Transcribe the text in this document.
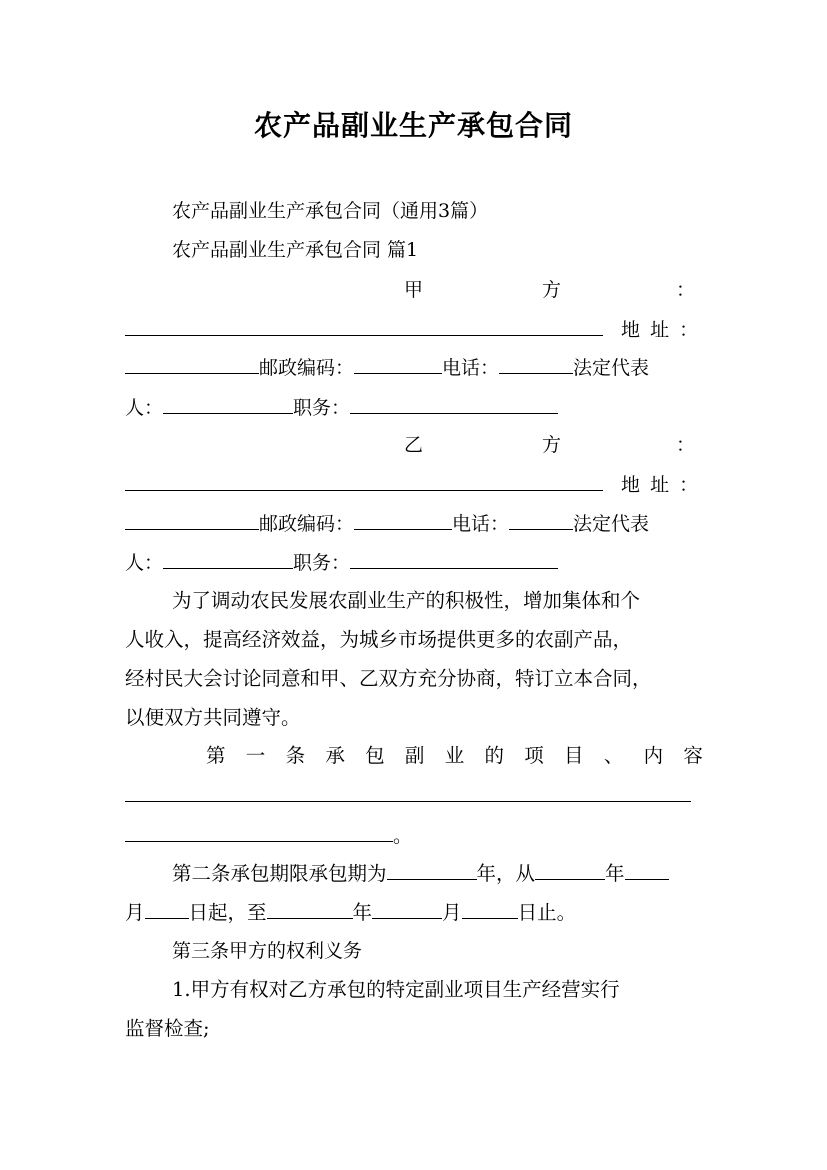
农产品副业生产承包合同
农产品副业生产承包合同（通用3篇）
农产品副业生产承包合同 篇1
甲	方	：
地 址 ：
邮政编码：	电话：	法定代表
人：	职务：
乙	方	：
地 址 ：
邮政编码：	电话：	法定代表
人：	职务：
为了调动农民发展农副业生产的积极性，增加集体和个
人收入，提高经济效益，为城乡市场提供更多的农副产品，
经村民大会讨论同意和甲、乙双方充分协商，特订立本合同，
以便双方共同遵守。
第 一 条 承 包 副 业 的 项 目 、 内 容
。
第二条承包期限承包期为	年，从	年
月 日起，至	年	月	日止。
第三条甲方的权利义务
1.甲方有权对乙方承包的特定副业项目生产经营实行
监督检查;
